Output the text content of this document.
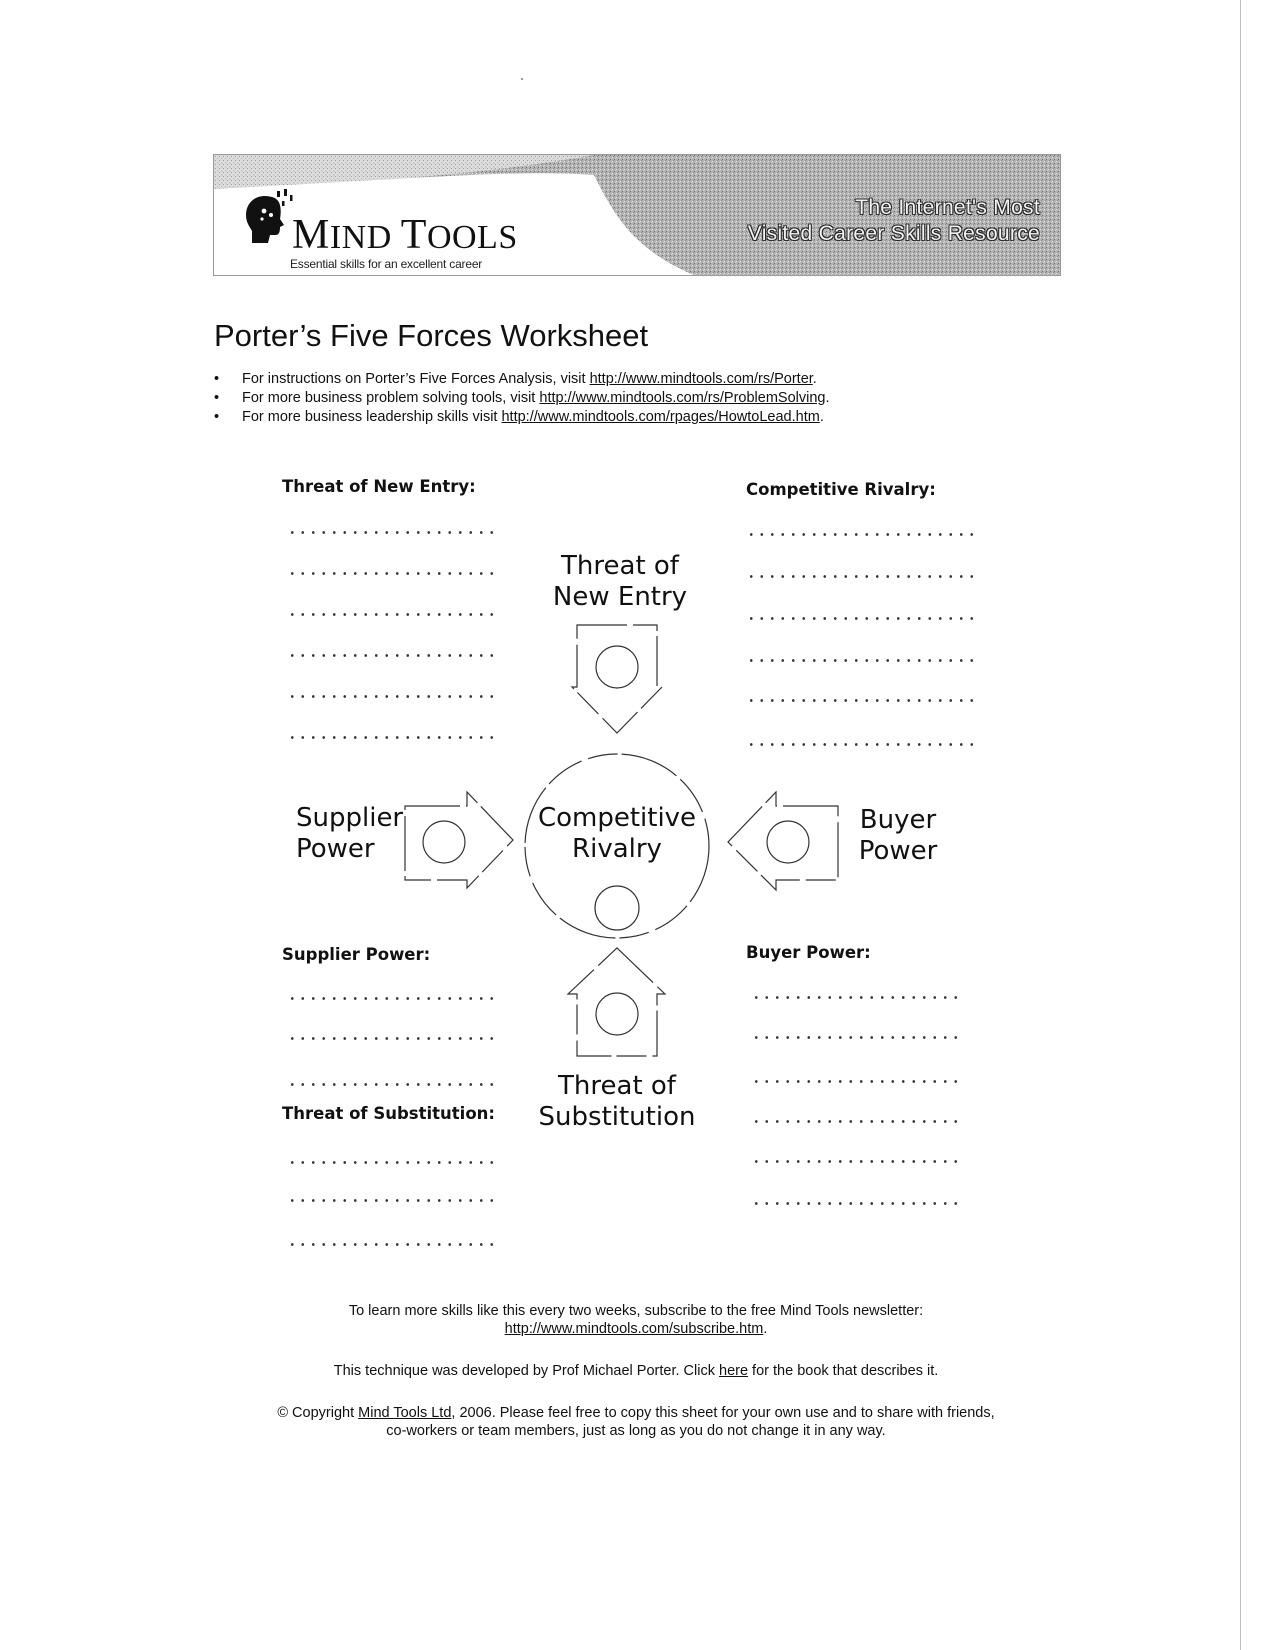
MIND TOOLS
Essential skills for an excellent career
The Internet's Most
Visited Career Skills Resource
Porter’s Five Forces Worksheet
• For instructions on Porter’s Five Forces Analysis, visit http://www.mindtools.com/rs/Porter.
• For more business problem solving tools, visit http://www.mindtools.com/rs/ProblemSolving.
• For more business leadership skills visit http://www.mindtools.com/rpages/HowtoLead.htm.
Threat of New Entry:	Competitive Rivalry:
Supplier Power:
Threat of Substitution:
Buyer Power:
Threat of
New Entry
Supplier
Power
Competitive
Rivalry
Buyer
Power
Threat of
Substitution

To learn more skills like this every two weeks, subscribe to the free Mind Tools newsletter:

http://www.mindtools.com/subscribe.htm.

This technique was developed by Prof Michael Porter. Click here for the book that describes it.

© Copyright Mind Tools Ltd, 2006. Please feel free to copy this sheet for your own use and to share with friends,

co-workers or team members, just as long as you do not change it in any way.
